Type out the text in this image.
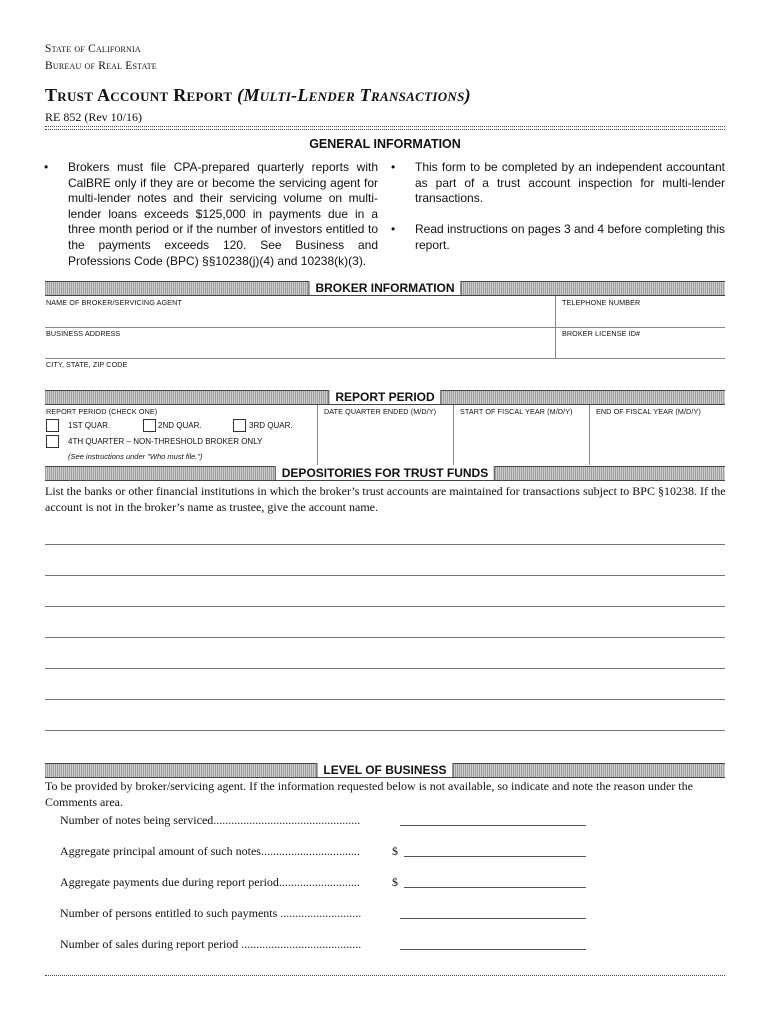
State of California
Bureau of Real Estate
Trust Account Report (Multi-Lender Transactions)
RE 852 (Rev 10/16)
GENERAL INFORMATION
• Brokers must file CPA-prepared quarterly reports with CalBRE only if they are or become the servicing agent for multi-lender notes and their servicing volume on multi-lender loans exceeds $125,000 in payments due in a three month period or if the number of investors entitled to the payments exceeds 120. See Business and Professions Code (BPC) §§10238(j)(4) and 10238(k)(3).
• This form to be completed by an independent accountant as part of a trust account inspection for multi-lender transactions.
• Read instructions on pages 3 and 4 before completing this report.
BROKER INFORMATION
NAME OF BROKER/SERVICING AGENT	TELEPHONE NUMBER
BUSINESS ADDRESS	BROKER LICENSE ID#
CITY, STATE, ZIP CODE
REPORT PERIOD
REPORT PERIOD (CHECK ONE)	DATE QUARTER ENDED (M/D/Y)	START OF FISCAL YEAR (M/D/Y)	END OF FISCAL YEAR (M/D/Y)
1ST QUAR.	2ND QUAR.	3RD QUAR.
4TH QUARTER – NON-THRESHOLD BROKER ONLY
(See instructions under "Who must file.")
DEPOSITORIES FOR TRUST FUNDS
List the banks or other financial institutions in which the broker’s trust accounts are maintained for transactions subject to BPC §10238. If the account is not in the broker’s name as trustee, give the account name.
LEVEL OF BUSINESS
To be provided by broker/servicing agent. If the information requested below is not available, so indicate and note the reason under the Comments area.
Number of notes being serviced.................................................
Aggregate principal amount of such notes.................................	$
Aggregate payments due during report period...........................	$
Number of persons entitled to such payments ...........................
Number of sales during report period ........................................
